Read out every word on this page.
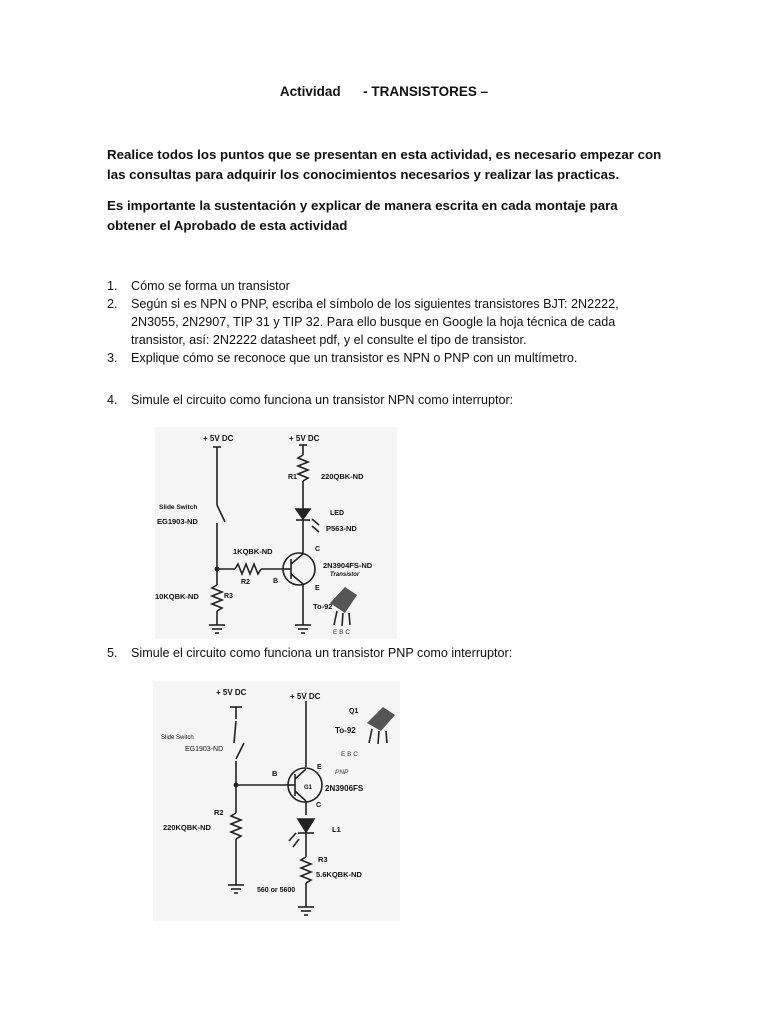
Actividad      - TRANSISTORES –

Realice todos los puntos que se presentan en esta actividad, es necesario empezar con las consultas para adquirir los conocimientos necesarios y realizar las practicas.

Es importante la sustentación y explicar de manera escrita en cada montaje para obtener el Aprobado de esta actividad

1. Cómo se forma un transistor
2. Según si es NPN o PNP, escriba el símbolo de los siguientes transistores BJT: 2N2222, 2N3055, 2N2907, TIP 31 y TIP 32. Para ello busque en Google la hoja técnica de cada transistor, así: 2N2222 datasheet pdf, y el consulte el tipo de transistor.
3. Explique cómo se reconoce que un transistor es NPN o PNP con un multímetro.
4. Simule el circuito como funciona un transistor NPN como interruptor:
+ 5V DC	+ 5V DC
R1	220QBK-ND
LED
P563-ND
Slide Switch
EG1903-ND
1KQBK-ND
R2	B
C
E
2N3904FS-ND
Transistor
10KQBK-ND	R3
To-92
E B C
5. Simule el circuito como funciona un transistor PNP como interruptor:
+ 5V DC	+ 5V DC
Q1
To-92
E B C
Slide Switch
EG1903-ND
B
E
PNP
G1 2N3906FS
C
R2
220KQBK-ND	L1
R3
5.6KQBK-ND
560 or 5600
